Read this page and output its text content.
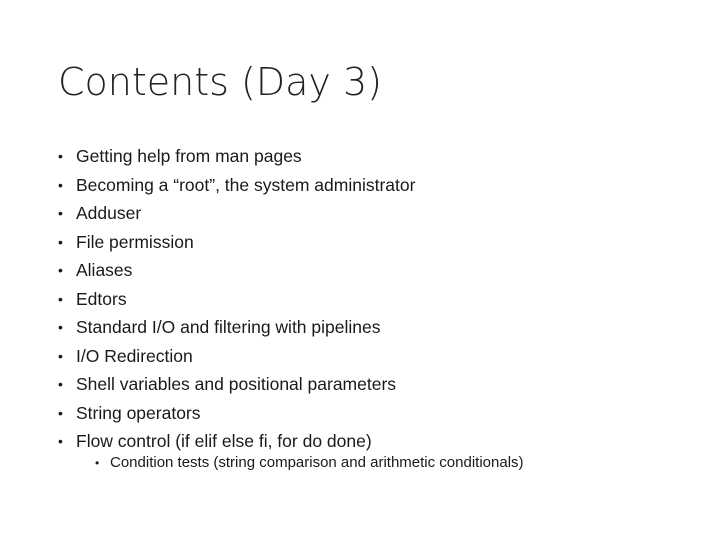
Contents (Day 3)
• Getting help from man pages
• Becoming a “root”, the system administrator
• Adduser
• File permission
• Aliases
• Edtors
• Standard I/O and filtering with pipelines
• I/O Redirection
• Shell variables and positional parameters
• String operators
• Flow control (if elif else fi, for do done)
• Condition tests (string comparison and arithmetic conditionals)
